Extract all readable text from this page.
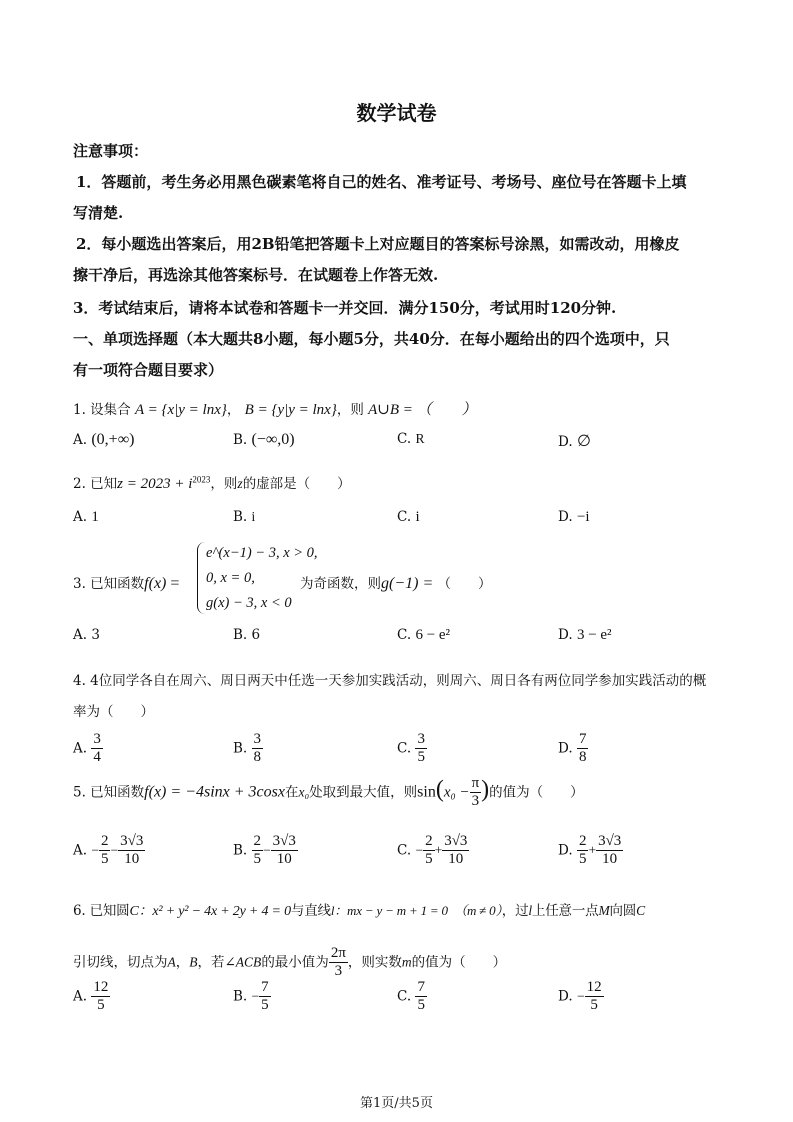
数学试卷
注意事项：
1．答题前，考生务必用黑色碳素笔将自己的姓名、准考证号、考场号、座位号在答题卡上填
写清楚.
2．每小题选出答案后，用2B铅笔把答题卡上对应题目的答案标号涂黑，如需改动，用橡皮
擦干净后，再选涂其他答案标号．在试题卷上作答无效.
3．考试结束后，请将本试卷和答题卡一并交回．满分150分，考试用时120分钟.
一、单项选择题（本大题共8小题，每小题5分，共40分．在每小题给出的四个选项中，只
有一项符合题目要求）
1. 设集合 A = {x|y = lnx}， B = {y|y = lnx}，则 A∪B = （　　）
A. (0,+∞)	B. (−∞,0)	C. R	D. ∅
2. 已知$z = 2023 + i^{2023}$，则z的虚部是（　　）
A. 1	B. i	C. i	D. −i
3. 已知函数f(x) =
e^(x−1) − 3, x > 0,
0, x = 0,
g(x) − 3, x < 0
为奇函数，则g(−1) = （　　）
A. 3	B. 6	C. 6 − e²	D. 3 − e²
4. 4位同学各自在周六、周日两天中任选一天参加实践活动，则周六、周日各有两位同学参加实践活动的概
率为（　　）
A. $\frac{3}{4}$	B. $\frac{3}{8}$	C. $\frac{3}{5}$	D. $\frac{7}{8}$
5. 已知函数f(x) = −4sinx + 3cosx在x₀处取到最大值，则$\sin(x_0 - \frac{\pi}{3}$ )的值为（　　）
A. − $\frac{2}{5} - \frac{3√3}{10}$	B. $\frac{2}{5} - \frac{3√3}{10}$	C. − $\frac{2}{5} + \frac{3√3}{10}$	D. $\frac{2}{5} + \frac{3√3}{10}$
6. 已知圆C：x² + y² − 4x + 2y + 4 = 0与直线l：mx − y − m + 1 = 0　（m ≠ 0），过l上任意一点M向圆C
引切线，切点为A，B，若∠ACB的最小值为 $\frac{2\pi}{3}$ ，则实数m的值为（　　）
A. $\frac{12}{5}$	B. − $\frac{7}{5}$	C. $\frac{7}{5}$	D. − $\frac{12}{5}$
第1页/共5页
